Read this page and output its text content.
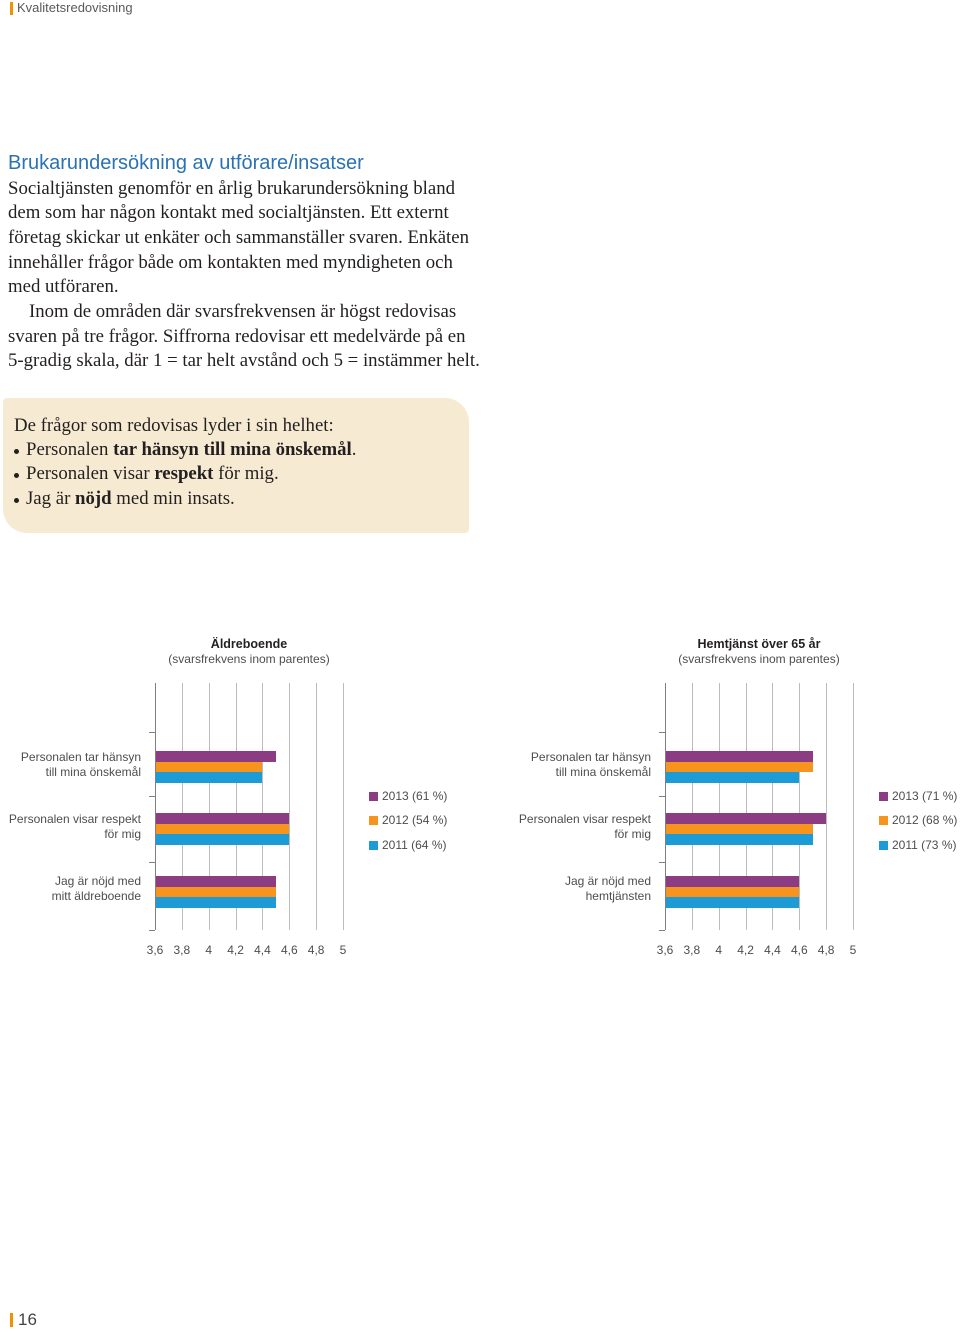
Kvalitetsredovisning
Brukarundersökning av utförare/insatser
Socialtjänsten genomför en årlig brukarundersökning bland
dem som har någon kontakt med socialtjänsten. Ett externt
företag skickar ut enkäter och sammanställer svaren. Enkäten
innehåller frågor både om kontakten med myndigheten och
med utföraren.
Inom de områden där svarsfrekvensen är högst redovisas
svaren på tre frågor. Siffrorna redovisar ett medelvärde på en
5-gradig skala, där 1 = tar helt avstånd och 5 = instämmer helt.
De frågor som redovisas lyder i sin helhet:
Personalen tar hänsyn till mina önskemål.
Personalen visar respekt för mig.
Jag är nöjd med min insats.
Äldreboende
(svarsfrekvens inom parentes)
Personalen tar hänsyn
till mina önskemål
Personalen visar respekt
för mig
Jag är nöjd med
mitt äldreboende
3,6 3,8	4	4,2 4,4 4,6 4,8	5
2013 (61 %)
2012 (54 %)
2011 (64 %)
Hemtjänst över 65 år
(svarsfrekvens inom parentes)
Personalen tar hänsyn
till mina önskemål
Personalen visar respekt
för mig
Jag är nöjd med
hemtjänsten
3,6 3,8	4	4,2 4,4 4,6 4,8	5
2013 (71 %)
2012 (68 %)
2011 (73 %)
16
